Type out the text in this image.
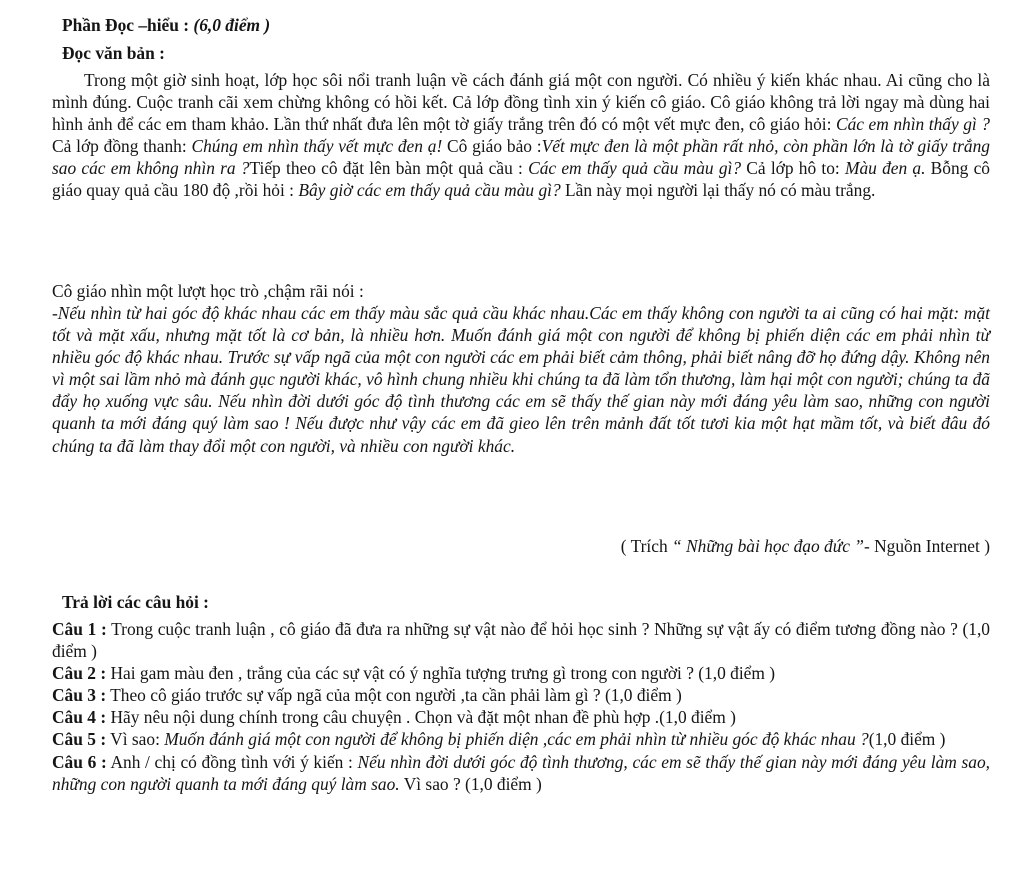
Phần Đọc –hiểu : (6,0 điểm )

Đọc văn bản :

Trong một giờ sinh hoạt, lớp học sôi nổi tranh luận về cách đánh giá một con người. Có nhiều ý kiến khác nhau. Ai cũng cho là mình đúng. Cuộc tranh cãi xem chừng không có hồi kết. Cả lớp đồng tình xin ý kiến cô giáo. Cô giáo không trả lời ngay mà dùng hai hình ảnh để các em tham khảo. Lần thứ nhất đưa lên một tờ giấy trắng trên đó có một vết mực đen, cô giáo hỏi: Các em nhìn thấy gì ? Cả lớp đồng thanh: Chúng em nhìn thấy vết mực đen ạ! Cô giáo bảo :Vết mực đen là một phần rất nhỏ, còn phần lớn là tờ giấy trắng sao các em không nhìn ra ?Tiếp theo cô đặt lên bàn một quả cầu : Các em thấy quả cầu màu gì? Cả lớp hô to: Màu đen ạ. Bỗng cô giáo quay quả cầu 180 độ ,rồi hỏi : Bây giờ các em thấy quả cầu màu gì? Lần này mọi người lại thấy nó có màu trắng.

Cô giáo nhìn một lượt học trò ,chậm rãi nói :

-Nếu nhìn từ hai góc độ khác nhau các em thấy màu sắc quả cầu khác nhau.Các em thấy không con người ta ai cũng có hai mặt: mặt tốt và mặt xấu, nhưng mặt tốt là cơ bản, là nhiều hơn. Muốn đánh giá một con người để không bị phiến diện các em phải nhìn từ nhiều góc độ khác nhau. Trước sự vấp ngã của một con người các em phải biết cảm thông, phải biết nâng đỡ họ đứng dậy. Không nên vì một sai lầm nhỏ mà đánh gục người khác, vô hình chung nhiều khi chúng ta đã làm tổn thương, làm hại một con người; chúng ta đã đẩy họ xuống vực sâu. Nếu nhìn đời dưới góc độ tình thương các em sẽ thấy thế gian này mới đáng yêu làm sao, những con người quanh ta mới đáng quý làm sao ! Nếu được như vậy các em đã gieo lên trên mảnh đất tốt tươi kia một hạt mầm tốt, và biết đâu đó chúng ta đã làm thay đổi một con người, và nhiều con người khác.

( Trích “ Những bài học đạo đức ”- Nguồn Internet )

Trả lời các câu hỏi :

Câu 1 : Trong cuộc tranh luận , cô giáo đã đưa ra những sự vật nào để hỏi học sinh ? Những sự vật ấy có điểm tương đồng nào ? (1,0 điểm )

Câu 2 : Hai gam màu đen , trắng của các sự vật có ý nghĩa tượng trưng gì trong con người ? (1,0 điểm )

Câu 3 : Theo cô giáo trước sự vấp ngã của một con người ,ta cần phải làm gì ? (1,0 điểm )

Câu 4 : Hãy nêu nội dung chính trong câu chuyện . Chọn và đặt một nhan đề phù hợp .(1,0 điểm )

Câu 5 : Vì sao: Muốn đánh giá một con người để không bị phiến diện ,các em phải nhìn từ nhiều góc độ khác nhau ?(1,0 điểm )

Câu 6 : Anh / chị có đồng tình với ý kiến : Nếu nhìn đời dưới góc độ tình thương, các em sẽ thấy thế gian này mới đáng yêu làm sao, những con người quanh ta mới đáng quý làm sao. Vì sao ? (1,0 điểm )
